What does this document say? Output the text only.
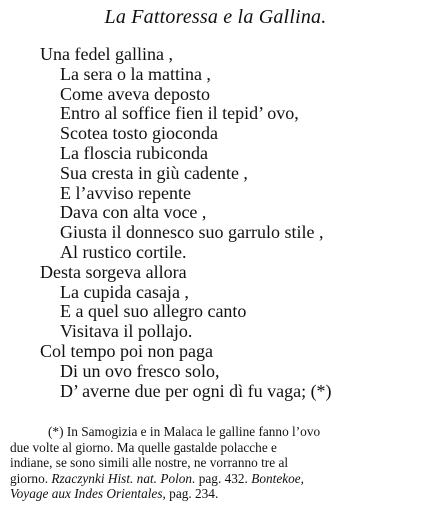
La Fattoressa e la Gallina.
Una fedel gallina ,
La sera o la mattina ,
Come aveva deposto
Entro al soffice fien il tepid’ ovo,
Scotea tosto gioconda
La floscia rubiconda
Sua cresta in giù cadente ,
E l’avviso repente
Dava con alta voce ,
Giusta il donnesco suo garrulo stile ,
Al rustico cortile.
Desta sorgeva allora
La cupida casaja ,
E a quel suo allegro canto
Visitava il pollajo.
Col tempo poi non paga
Di un ovo fresco solo,
D’ averne due per ogni dì fu vaga; (*)
(*) In Samogizia e in Malaca le galline fanno l’ovo
due volte al giorno. Ma quelle gastalde polacche e
indiane, se sono simili alle nostre, ne vorranno tre al
giorno. Rzaczynki Hist. nat. Polon. pag. 432. Bontekoe,
Voyage aux Indes Orientales, pag. 234.
